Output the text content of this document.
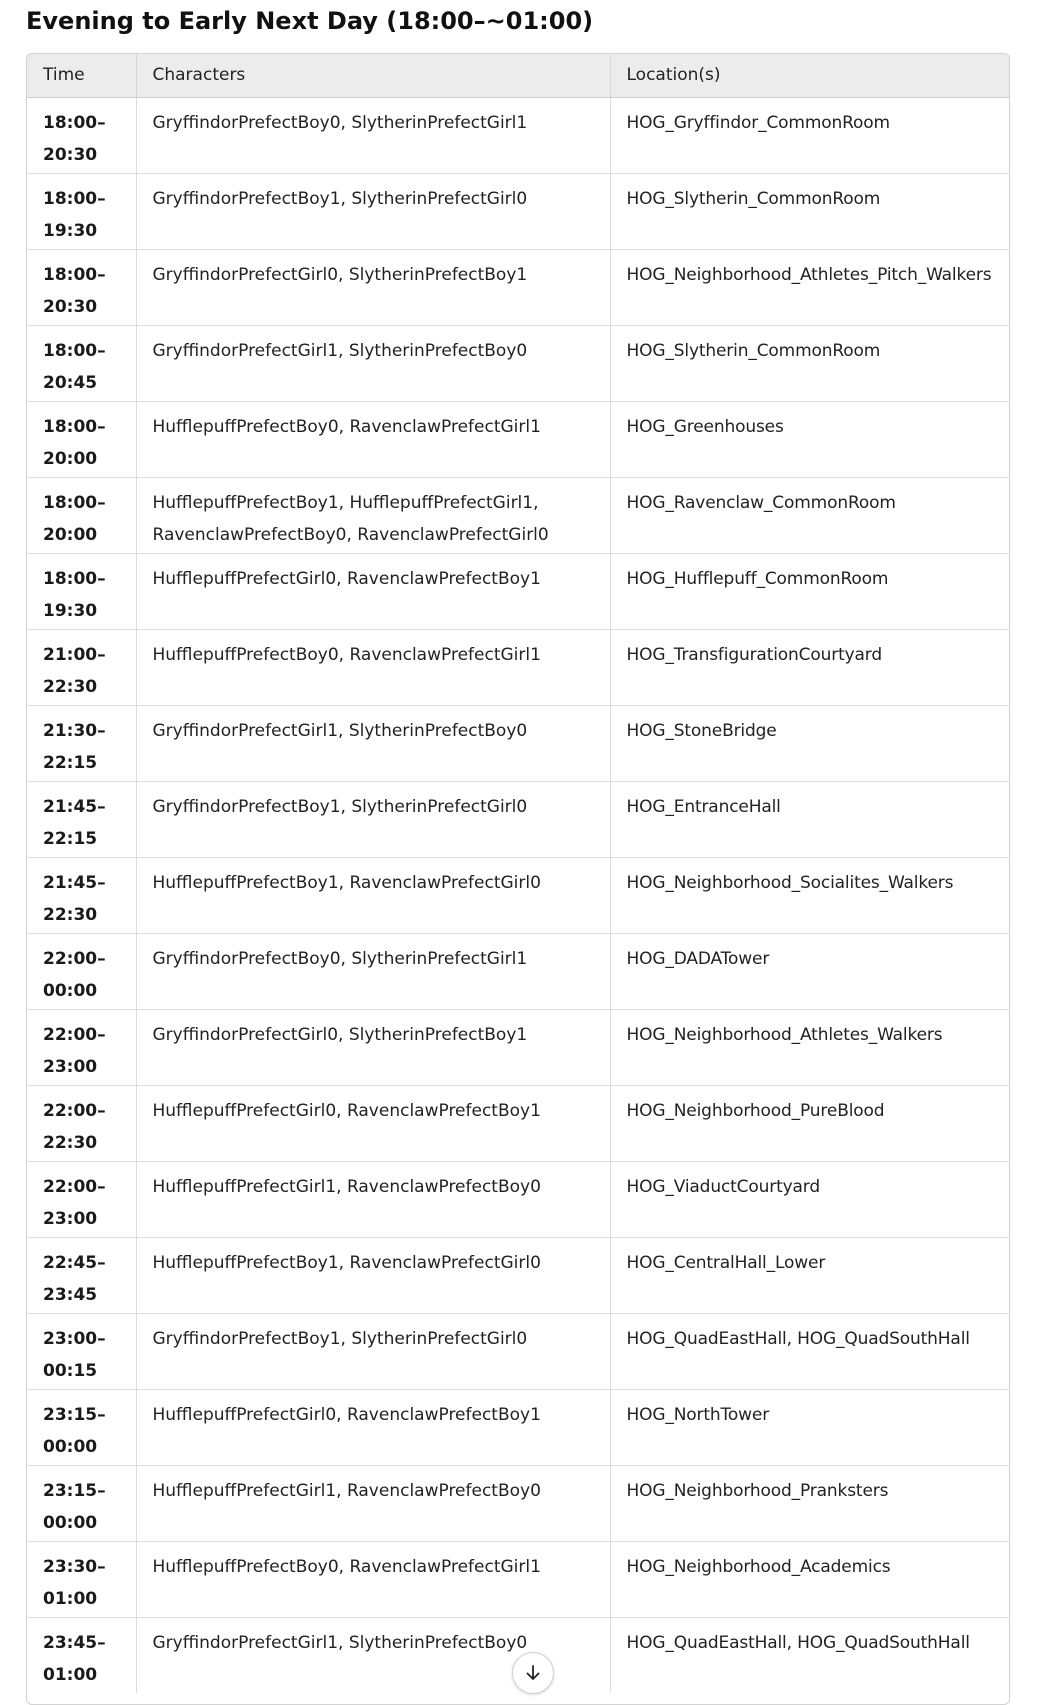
Evening to Early Next Day (18:00–~01:00)
Time	Characters	Location(s)
18:00–20:30	GryffindorPrefectBoy0, SlytherinPrefectGirl1	HOG_Gryffindor_CommonRoom
18:00–19:30	GryffindorPrefectBoy1, SlytherinPrefectGirl0	HOG_Slytherin_CommonRoom
18:00–20:30	GryffindorPrefectGirl0, SlytherinPrefectBoy1	HOG_Neighborhood_Athletes_Pitch_Walkers
18:00–20:45	GryffindorPrefectGirl1, SlytherinPrefectBoy0	HOG_Slytherin_CommonRoom
18:00–20:00	HufflepuffPrefectBoy0, RavenclawPrefectGirl1	HOG_Greenhouses
18:00–20:00	HufflepuffPrefectBoy1, HufflepuffPrefectGirl1, RavenclawPrefectBoy0, RavenclawPrefectGirl0	HOG_Ravenclaw_CommonRoom
18:00–19:30	HufflepuffPrefectGirl0, RavenclawPrefectBoy1	HOG_Hufflepuff_CommonRoom
21:00–22:30	HufflepuffPrefectBoy0, RavenclawPrefectGirl1	HOG_TransfigurationCourtyard
21:30–22:15	GryffindorPrefectGirl1, SlytherinPrefectBoy0	HOG_StoneBridge
21:45–22:15	GryffindorPrefectBoy1, SlytherinPrefectGirl0	HOG_EntranceHall
21:45–22:30	HufflepuffPrefectBoy1, RavenclawPrefectGirl0	HOG_Neighborhood_Socialites_Walkers
22:00–00:00	GryffindorPrefectBoy0, SlytherinPrefectGirl1	HOG_DADATower
22:00–23:00	GryffindorPrefectGirl0, SlytherinPrefectBoy1	HOG_Neighborhood_Athletes_Walkers
22:00–22:30	HufflepuffPrefectGirl0, RavenclawPrefectBoy1	HOG_Neighborhood_PureBlood
22:00–23:00	HufflepuffPrefectGirl1, RavenclawPrefectBoy0	HOG_ViaductCourtyard
22:45–23:45	HufflepuffPrefectBoy1, RavenclawPrefectGirl0	HOG_CentralHall_Lower
23:00–00:15	GryffindorPrefectBoy1, SlytherinPrefectGirl0	HOG_QuadEastHall, HOG_QuadSouthHall
23:15–00:00	HufflepuffPrefectGirl0, RavenclawPrefectBoy1	HOG_NorthTower
23:15–00:00	HufflepuffPrefectGirl1, RavenclawPrefectBoy0	HOG_Neighborhood_Pranksters
23:30–01:00	HufflepuffPrefectBoy0, RavenclawPrefectGirl1	HOG_Neighborhood_Academics
23:45–01:00	GryffindorPrefectGirl1, SlytherinPrefectBoy0	HOG_QuadEastHall, HOG_QuadSouthHall
